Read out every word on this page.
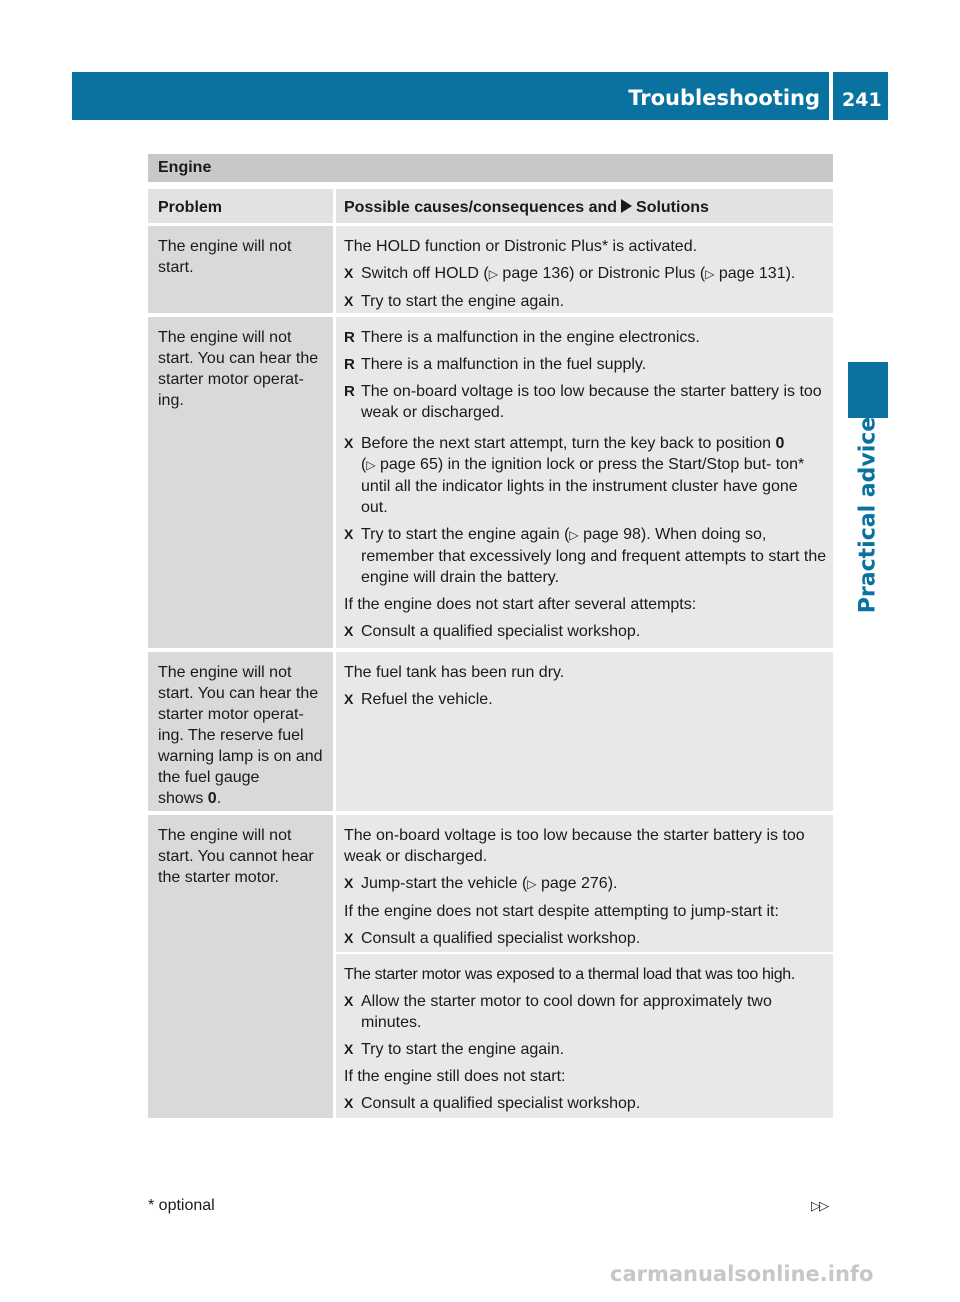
Troubleshooting 241
Practical advice
Engine
Problem	Possible causes/consequences and Solutions
The engine will not start.
The HOLD function or Distronic Plus* is activated.
X Switch off HOLD (▷ page 136) or Distronic Plus (▷ page 131).
X Try to start the engine again.
The engine will not start. You can hear the starter motor operat- ing.
R There is a malfunction in the engine electronics.
R There is a malfunction in the fuel supply.
R The on-board voltage is too low because the starter battery is too weak or discharged.
X Before the next start attempt, turn the key back to position 0
(▷ page 65) in the ignition lock or press the Start/Stop but- ton* until all the indicator lights in the instrument cluster have gone out.
X Try to start the engine again (▷ page 98). When doing so, remember that excessively long and frequent attempts to start the engine will drain the battery.
If the engine does not start after several attempts:
X Consult a qualified specialist workshop.
The engine will not start. You can hear the starter motor operat- ing. The reserve fuel warning lamp is on and the fuel gauge
shows 0.
The fuel tank has been run dry.
X Refuel the vehicle.
The engine will not start. You cannot hear the starter motor.
The on-board voltage is too low because the starter battery is too weak or discharged.
X Jump-start the vehicle (▷ page 276).
If the engine does not start despite attempting to jump-start it:
X Consult a qualified specialist workshop.
The starter motor was exposed to a thermal load that was too high.
X Allow the starter motor to cool down for approximately two minutes.
X Try to start the engine again.
If the engine still does not start:
X Consult a qualified specialist workshop.
* optional	▷▷
carmanualsonline.info
